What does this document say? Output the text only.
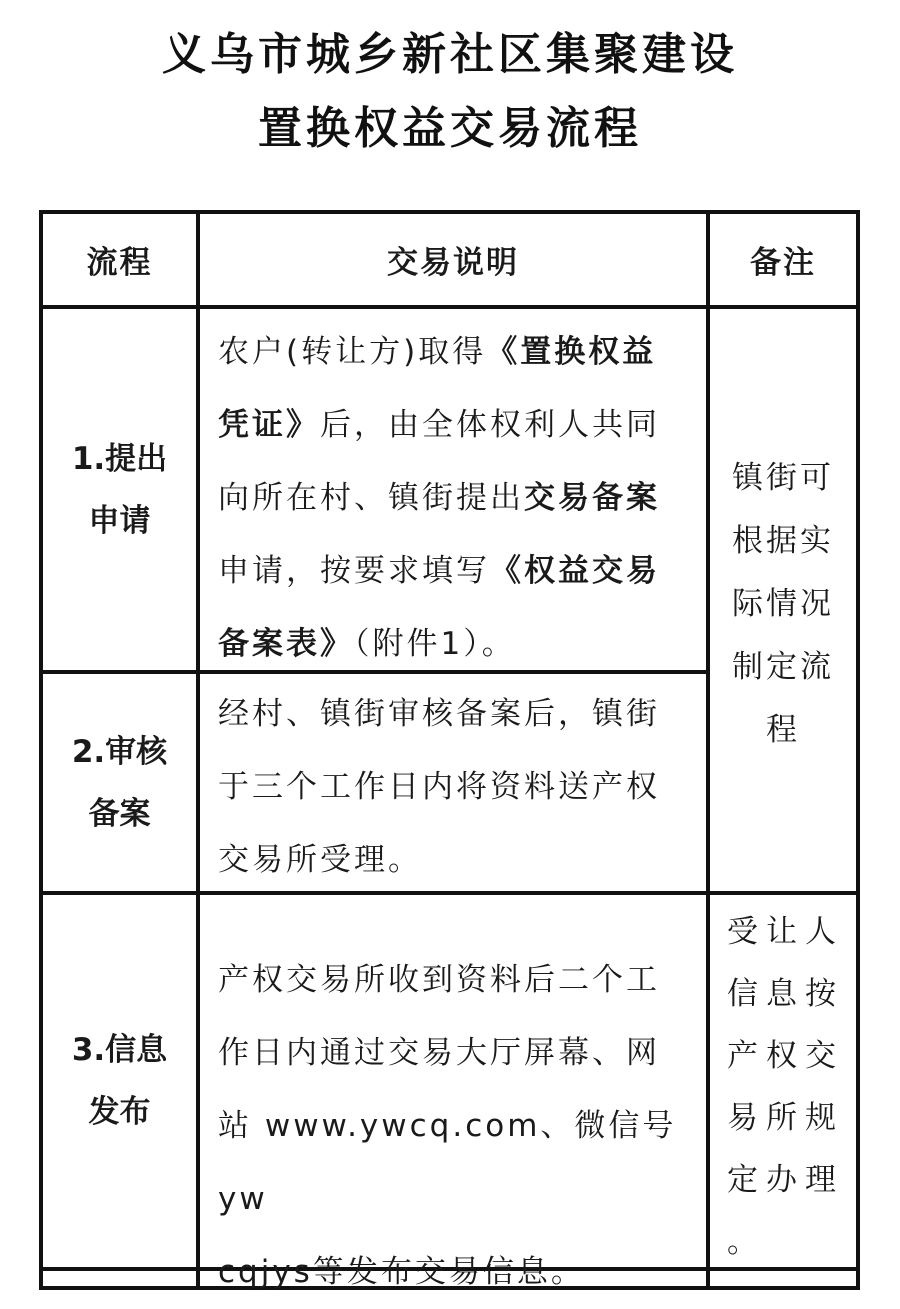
义乌市城乡新社区集聚建设
置换权益交易流程
流程	交易说明	备注
1.提出
申请

农户(转让方)取得《置换权益

凭证》后，由全体权利人共同

向所在村、镇街提出交易备案

申请，按要求填写《权益交易

备案表》（附件1）。

镇街可
根据实
际情况
制定流
程
2.审核
备案

经村、镇街审核备案后，镇街

于三个工作日内将资料送产权

交易所受理。

3.信息
发布

产权交易所收到资料后二个工

作日内通过交易大厅屏幕、网

站 www.ywcq.com、微信号yw

cqjys等发布交易信息。

受让人

信息按

产权交

易所规

定办理

。
